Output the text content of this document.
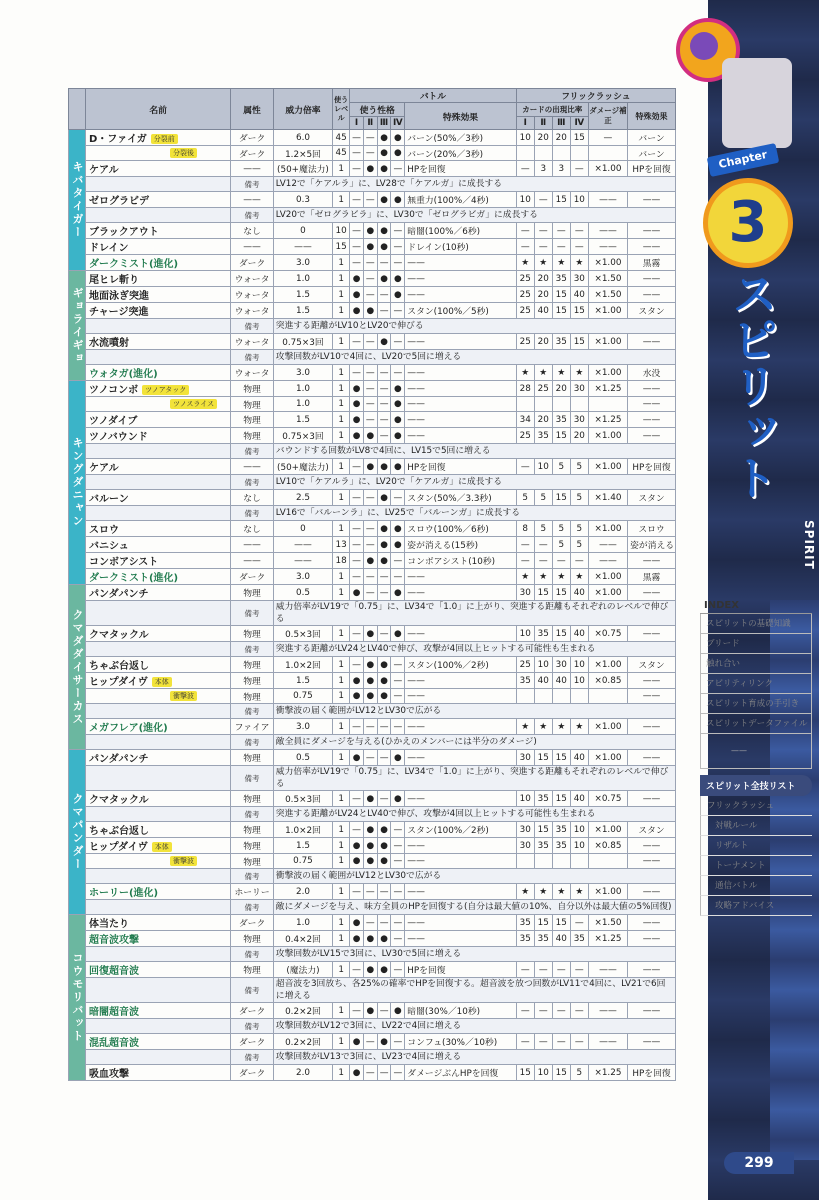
Chapter
3
スピリット
SPIRIT
INDEX
スピリットの基礎知識
ブリード
触れ合い
アビリティリンク
スピリット育成の手引き
スピリットデータファイル
——
スピリット全技リスト
フリックラッシュ
対戦ルール
リザルト
トーナメント
通信バトル
攻略アドバイス
299
	名前	属性	威力倍率	使うレベル	バトル					フリックラッシュ					
					使う性格				特殊効果	カードの出現比率				ダメージ補正	特殊効果
					Ⅰ	Ⅱ	Ⅲ	Ⅳ		Ⅰ	Ⅱ	Ⅲ	Ⅳ		
キバタイガー	D・ファイガ 分裂前	ダーク	6.0	45	—	—	●	●	バーン(50%／3秒)	10	20	20	15	—	バーン
	分裂後	ダーク	1.2×5回	45	—	—	●	●	バーン(20%／3秒)						バーン
	ケアル	——	(50+魔法力)	1	—	●	●	—	HPを回復	—	3	3	—	×1.00	HPを回復
		備考	LV12で「ケアルラ」に、LV28で「ケアルガ」に成長する												
	ゼログラビデ	——	0.3	1	—	—	●	●	無重力(100%／4秒)	10	—	15	10	——	——
		備考	LV20で「ゼログラビラ」に、LV30で「ゼログラビガ」に成長する												
	ブラックアウト	なし	0	10	—	●	●	—	暗闇(100%／6秒)	—	—	—	—	——	——
	ドレイン	——	——	15	—	●	●	—	ドレイン(10秒)	—	—	—	—	——	——
	ダークミスト(進化)	ダーク	3.0	1	—	—	—	—	——	★	★	★	★	×1.00	黒霧
ギョライギョ	尾ヒレ斬り	ウォータ	1.0	1	●	—	●	●	——	25	20	35	30	×1.50	——
	地面泳ぎ突進	ウォータ	1.5	1	●	—	—	●	——	25	20	15	40	×1.50	——
	チャージ突進	ウォータ	1.5	1	●	●	—	—	スタン(100%／5秒)	25	40	15	15	×1.00	スタン
		備考	突進する距離がLV10とLV20で伸びる												
	水流噴射	ウォータ	0.75×3回	1	—	—	●	—	——	25	20	35	15	×1.00	——
		備考	攻撃回数がLV10で4回に、LV20で5回に増える												
	ウォタガ(進化)	ウォータ	3.0	1	—	—	—	—	——	★	★	★	★	×1.00	水没
キングダニャン	ツノコンボ ツノアタック	物理	1.0	1	●	—	—	●	——	28	25	20	30	×1.25	——
	ツノスライス	物理	1.0	1	●	—	—	●	——						——
	ツノダイブ	物理	1.5	1	●	—	—	●	——	34	20	35	30	×1.25	——
	ツノバウンド	物理	0.75×3回	1	●	●	—	●	——	25	35	15	20	×1.00	——
		備考	バウンドする回数がLV8で4回に、LV15で5回に増える												
	ケアル	——	(50+魔法力)	1	—	●	●	●	HPを回復	—	10	5	5	×1.00	HPを回復
		備考	LV10で「ケアルラ」に、LV20で「ケアルガ」に成長する												
	バルーン	なし	2.5	1	—	—	●	—	スタン(50%／3.3秒)	5	5	15	5	×1.40	スタン
		備考	LV16で「バルーンラ」に、LV25で「バルーンガ」に成長する												
	スロウ	なし	0	1	—	—	●	●	スロウ(100%／6秒)	8	5	5	5	×1.00	スロウ
	バニシュ	——	——	13	—	—	●	●	姿が消える(15秒)	—	—	5	5	——	姿が消える
	コンボアシスト	——	——	18	—	●	●	—	コンボアシスト(10秒)	—	—	—	—	——	——
	ダークミスト(進化)	ダーク	3.0	1	—	—	—	—	——	★	★	★	★	×1.00	黒霧
クマダダイサーカス	パンダパンチ	物理	0.5	1	●	—	—	●	——	30	15	15	40	×1.00	——
		備考	威力倍率がLV19で「0.75」に、LV34で「1.0」に上がり、突進する距離もそれぞれのレベルで伸びる												
	クマタックル	物理	0.5×3回	1	—	●	—	●	——	10	35	15	40	×0.75	——
		備考	突進する距離がLV24とLV40で伸び、攻撃が4回以上ヒットする可能性も生まれる												
	ちゃぶ台返し	物理	1.0×2回	1	—	●	●	—	スタン(100%／2秒)	25	10	30	10	×1.00	スタン
	ヒップダイヴ 本体	物理	1.5	1	●	●	●	—	——	35	40	40	10	×0.85	——
	衝撃波	物理	0.75	1	●	●	●	—	——						——
		備考	衝撃波の届く範囲がLV12とLV30で広がる												
	メガフレア(進化)	ファイア	3.0	1	—	—	—	—	——	★	★	★	★	×1.00	——
		備考	敵全員にダメージを与える(ひかえのメンバーには半分のダメージ)												
クマパンダー	パンダパンチ	物理	0.5	1	●	—	—	●	——	30	15	15	40	×1.00	——
		備考	威力倍率がLV19で「0.75」に、LV34で「1.0」に上がり、突進する距離もそれぞれのレベルで伸びる												
	クマタックル	物理	0.5×3回	1	—	●	—	●	——	10	35	15	40	×0.75	——
		備考	突進する距離がLV24とLV40で伸び、攻撃が4回以上ヒットする可能性も生まれる												
	ちゃぶ台返し	物理	1.0×2回	1	—	●	●	—	スタン(100%／2秒)	30	15	35	10	×1.00	スタン
	ヒップダイヴ 本体	物理	1.5	1	●	●	●	—	——	30	35	35	10	×0.85	——
	衝撃波	物理	0.75	1	●	●	●	—	——						——
		備考	衝撃波の届く範囲がLV12とLV30で広がる												
	ホーリー(進化)	ホーリー	2.0	1	—	—	—	—	——	★	★	★	★	×1.00	——
		備考	敵にダメージを与え、味方全員のHPを回復する(自分は最大値の10%、自分以外は最大値の5%回復)												
コウモリバット	体当たり	ダーク	1.0	1	●	—	—	—	——	35	15	15	—	×1.50	——
	超音波攻撃	物理	0.4×2回	1	●	●	●	—	——	35	35	40	35	×1.25	——
		備考	攻撃回数がLV15で3回に、LV30で5回に増える												
	回復超音波	物理	(魔法力)	1	—	●	●	—	HPを回復	—	—	—	—	——	——
		備考	超音波を3回放ち、各25%の確率でHPを回復する。超音波を放つ回数がLV11で4回に、LV21で6回に増える												
	暗闇超音波	ダーク	0.2×2回	1	—	●	—	●	暗闇(30%／10秒)	—	—	—	—	——	——
		備考	攻撃回数がLV12で3回に、LV22で4回に増える												
	混乱超音波	ダーク	0.2×2回	1	●	—	●	—	コンフュ(30%／10秒)	—	—	—	—	——	——
		備考	攻撃回数がLV13で3回に、LV23で4回に増える												
	吸血攻撃	ダーク	2.0	1	●	—	—	—	ダメージぶんHPを回復	15	10	15	5	×1.25	HPを回復
